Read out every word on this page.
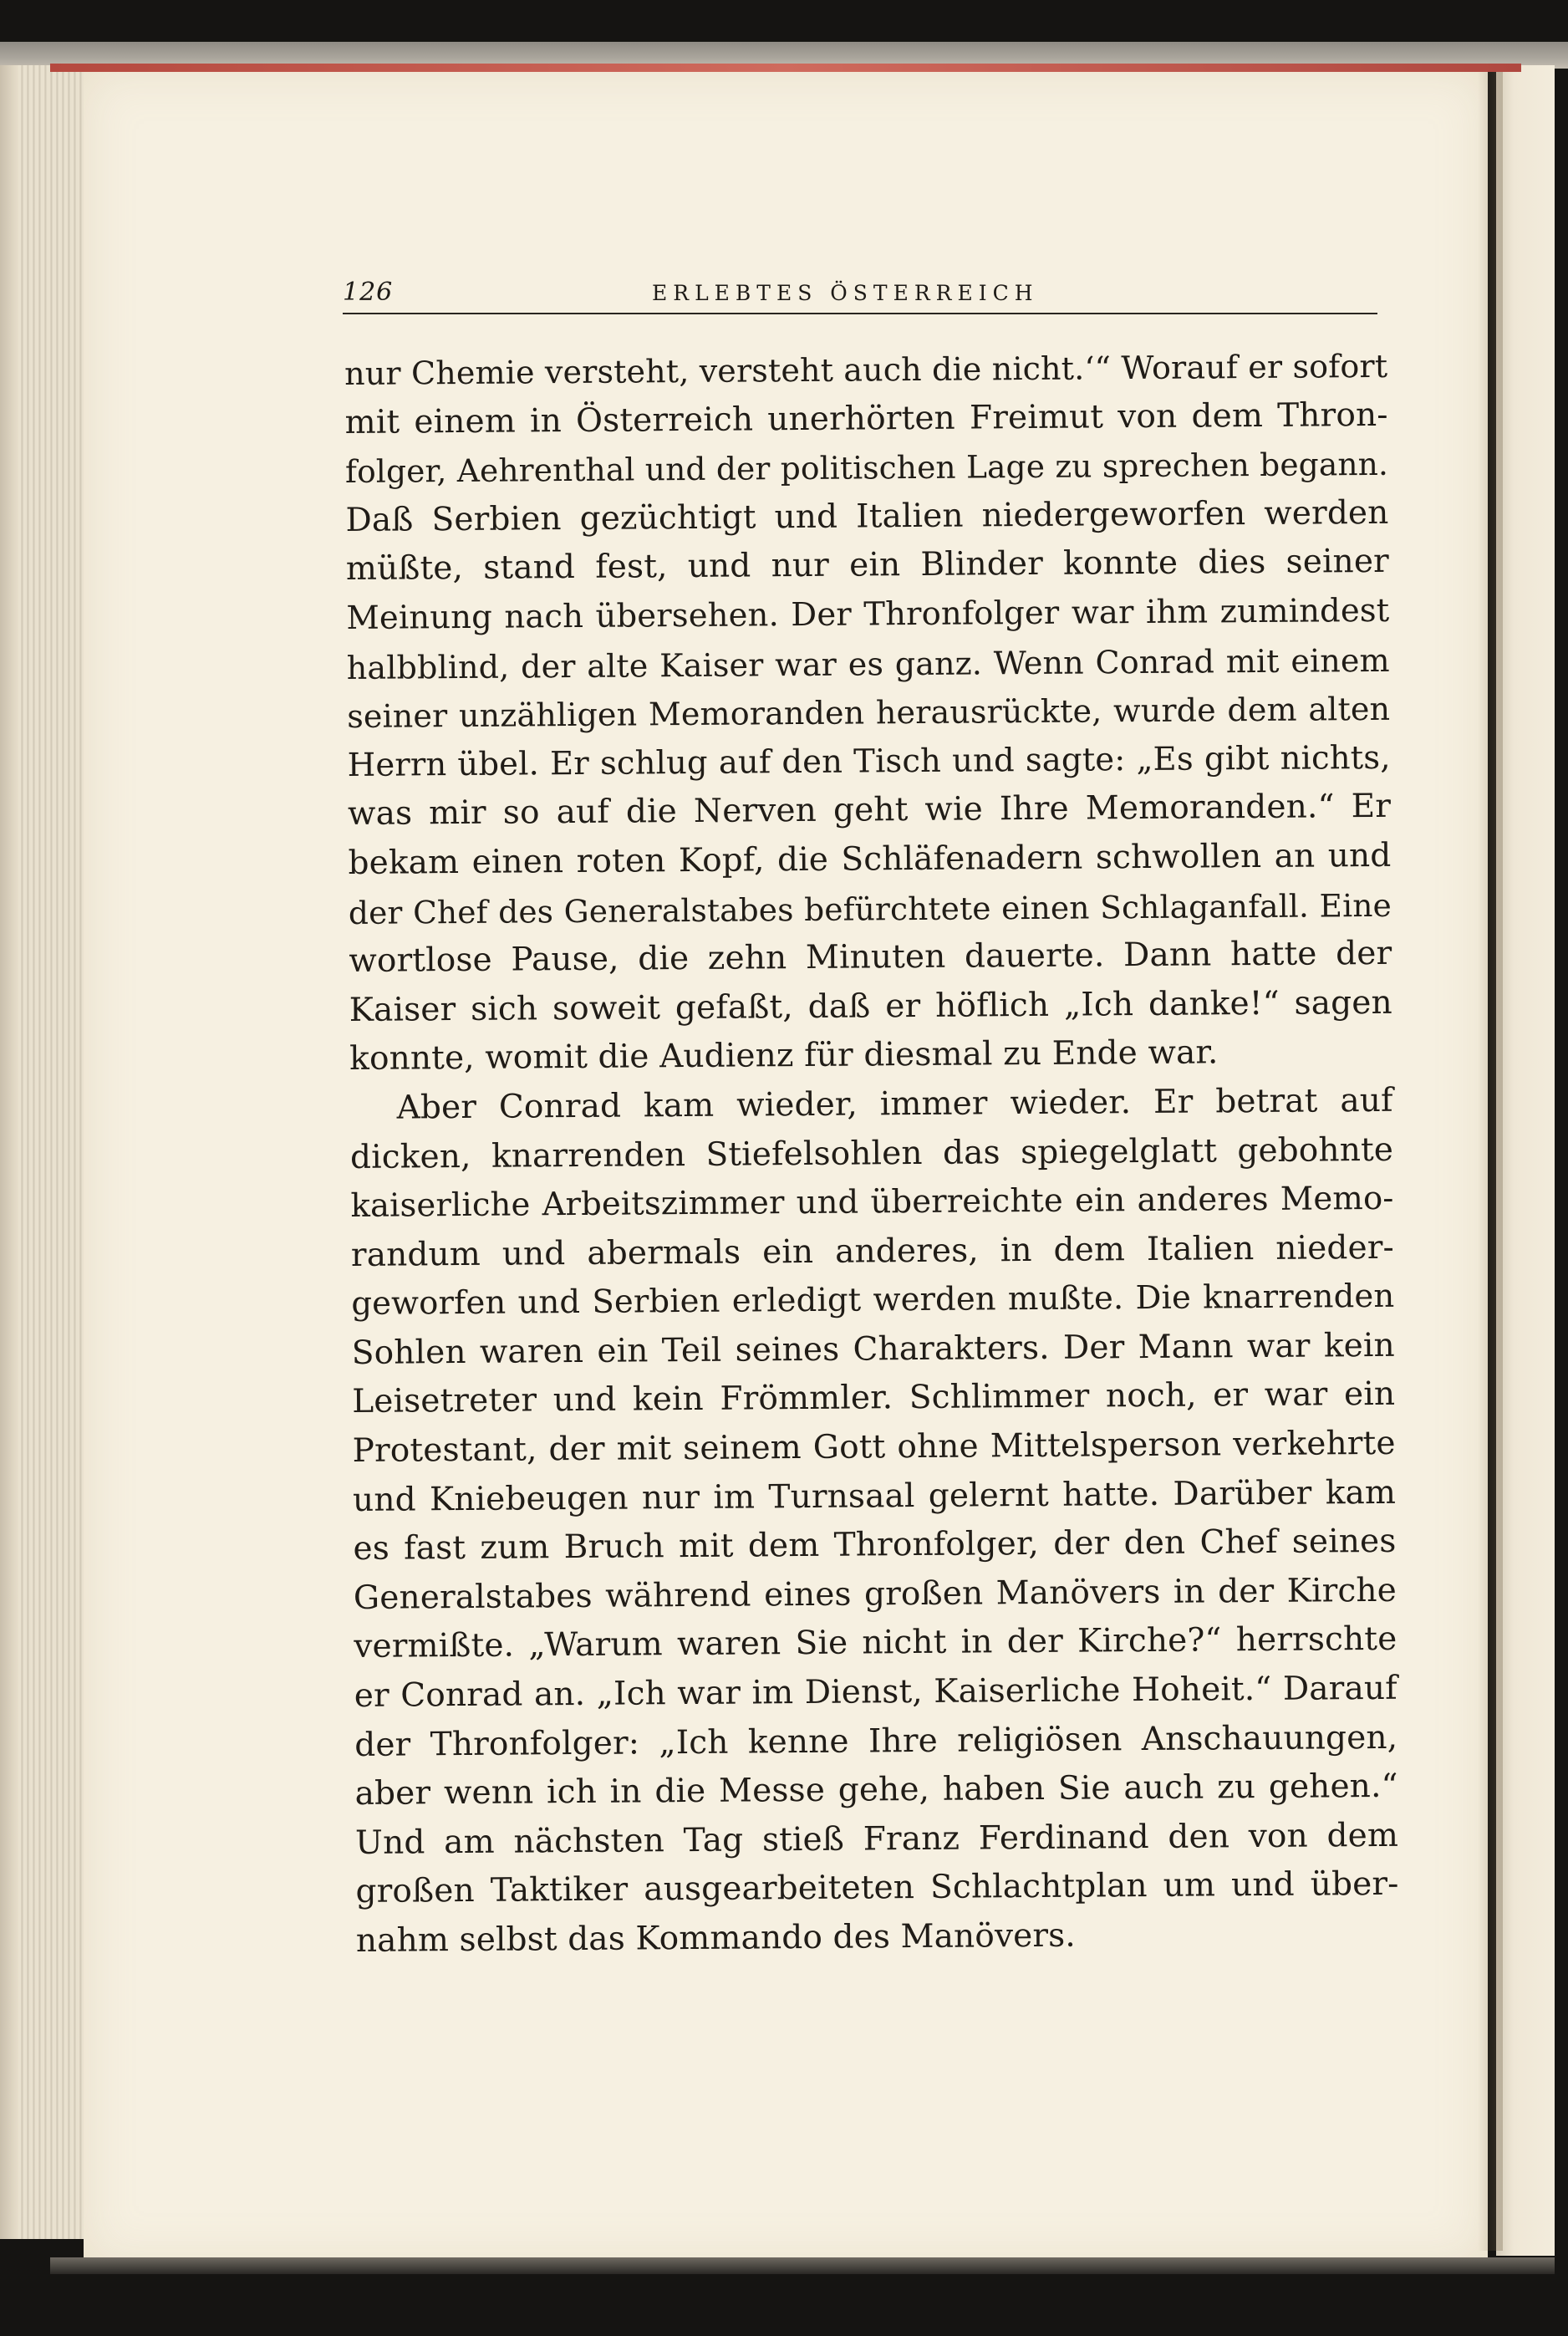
126	ERLEBTES ÖSTERREICH
nur Chemie versteht, versteht auch die nicht.‘“ Worauf er sofort
mit einem in Österreich unerhörten Freimut von dem Thron-
folger, Aehrenthal und der politischen Lage zu sprechen begann.
Daß Serbien gezüchtigt und Italien niedergeworfen werden
müßte, stand fest, und nur ein Blinder konnte dies seiner
Meinung nach übersehen. Der Thronfolger war ihm zumindest
halbblind, der alte Kaiser war es ganz. Wenn Conrad mit einem
seiner unzähligen Memoranden herausrückte, wurde dem alten
Herrn übel. Er schlug auf den Tisch und sagte: „Es gibt nichts,
was mir so auf die Nerven geht wie Ihre Memoranden.“ Er
bekam einen roten Kopf, die Schläfenadern schwollen an und
der Chef des Generalstabes befürchtete einen Schlaganfall. Eine
wortlose Pause, die zehn Minuten dauerte. Dann hatte der
Kaiser sich soweit gefaßt, daß er höflich „Ich danke!“ sagen
konnte, womit die Audienz für diesmal zu Ende war.
Aber Conrad kam wieder, immer wieder. Er betrat auf
dicken, knarrenden Stiefelsohlen das spiegelglatt gebohnte
kaiserliche Arbeitszimmer und überreichte ein anderes Memo-
randum und abermals ein anderes, in dem Italien nieder-
geworfen und Serbien erledigt werden mußte. Die knarrenden
Sohlen waren ein Teil seines Charakters. Der Mann war kein
Leisetreter und kein Frömmler. Schlimmer noch, er war ein
Protestant, der mit seinem Gott ohne Mittelsperson verkehrte
und Kniebeugen nur im Turnsaal gelernt hatte. Darüber kam
es fast zum Bruch mit dem Thronfolger, der den Chef seines
Generalstabes während eines großen Manövers in der Kirche
vermißte. „Warum waren Sie nicht in der Kirche?“ herrschte
er Conrad an. „Ich war im Dienst, Kaiserliche Hoheit.“ Darauf
der Thronfolger: „Ich kenne Ihre religiösen Anschauungen,
aber wenn ich in die Messe gehe, haben Sie auch zu gehen.“
Und am nächsten Tag stieß Franz Ferdinand den von dem
großen Taktiker ausgearbeiteten Schlachtplan um und über-
nahm selbst das Kommando des Manövers.
